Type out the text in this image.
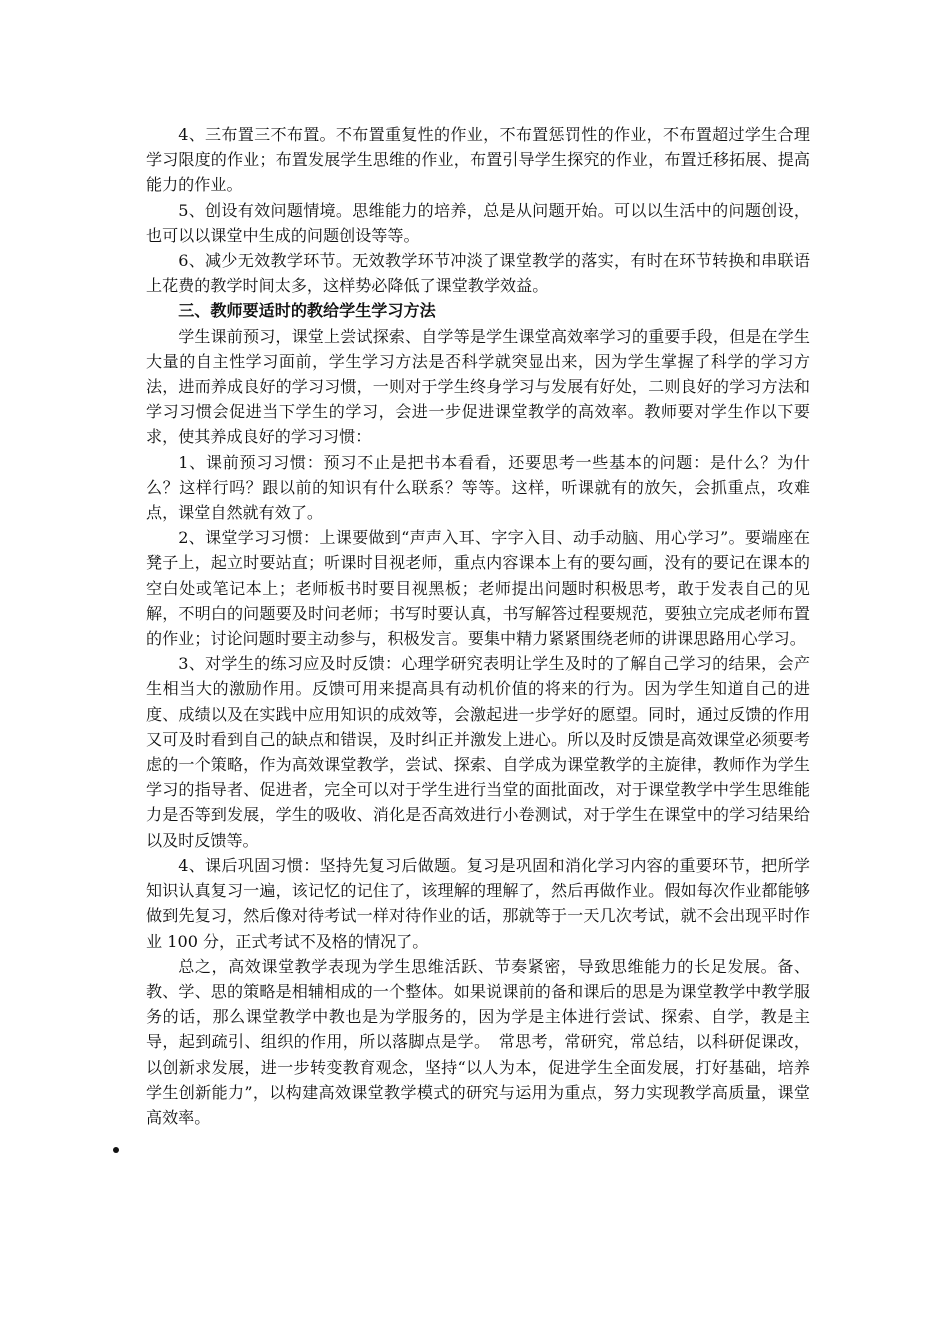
4、三布置三不布置。不布置重复性的作业，不布置惩罚性的作业，不布置超过学生合理学习限度的作业；布置发展学生思维的作业，布置引导学生探究的作业，布置迁移拓展、提高能力的作业。

5、创设有效问题情境。思维能力的培养，总是从问题开始。可以以生活中的问题创设，也可以以课堂中生成的问题创设等等。

6、减少无效教学环节。无效教学环节冲淡了课堂教学的落实，有时在环节转换和串联语上花费的教学时间太多，这样势必降低了课堂教学效益。

三、教师要适时的教给学生学习方法

学生课前预习，课堂上尝试探索、自学等是学生课堂高效率学习的重要手段，但是在学生大量的自主性学习面前，学生学习方法是否科学就突显出来，因为学生掌握了科学的学习方法，进而养成良好的学习习惯，一则对于学生终身学习与发展有好处，二则良好的学习方法和学习习惯会促进当下学生的学习，会进一步促进课堂教学的高效率。教师要对学生作以下要求，使其养成良好的学习习惯：

1、课前预习习惯：预习不止是把书本看看，还要思考一些基本的问题：是什么？为什么？这样行吗？跟以前的知识有什么联系？等等。这样，听课就有的放矢，会抓重点，攻难点，课堂自然就有效了。

2、课堂学习习惯：上课要做到“声声入耳、字字入目、动手动脑、用心学习”。要端座在凳子上，起立时要站直；听课时目视老师，重点内容课本上有的要勾画，没有的要记在课本的空白处或笔记本上；老师板书时要目视黑板；老师提出问题时积极思考，敢于发表自己的见解，不明白的问题要及时问老师；书写时要认真，书写解答过程要规范，要独立完成老师布置的作业；讨论问题时要主动参与，积极发言。要集中精力紧紧围绕老师的讲课思路用心学习。

3、对学生的练习应及时反馈：心理学研究表明让学生及时的了解自己学习的结果，会产生相当大的激励作用。反馈可用来提高具有动机价值的将来的行为。因为学生知道自己的进度、成绩以及在实践中应用知识的成效等，会激起进一步学好的愿望。同时，通过反馈的作用又可及时看到自己的缺点和错误，及时纠正并激发上进心。所以及时反馈是高效课堂必须要考虑的一个策略，作为高效课堂教学，尝试、探索、自学成为课堂教学的主旋律，教师作为学生学习的指导者、促进者，完全可以对于学生进行当堂的面批面改，对于课堂教学中学生思维能力是否等到发展，学生的吸收、消化是否高效进行小卷测试，对于学生在课堂中的学习结果给以及时反馈等。

4、课后巩固习惯：坚持先复习后做题。复习是巩固和消化学习内容的重要环节，把所学知识认真复习一遍，该记忆的记住了，该理解的理解了，然后再做作业。假如每次作业都能够做到先复习，然后像对待考试一样对待作业的话，那就等于一天几次考试，就不会出现平时作业 100 分，正式考试不及格的情况了。

总之，高效课堂教学表现为学生思维活跃、节奏紧密，导致思维能力的长足发展。备、教、学、思的策略是相辅相成的一个整体。如果说课前的备和课后的思是为课堂教学中教学服务的话，那么课堂教学中教也是为学服务的，因为学是主体进行尝试、探索、自学，教是主导，起到疏引、组织的作用，所以落脚点是学。　常思考，常研究，常总结，以科研促课改，以创新求发展，进一步转变教育观念，坚持“以人为本，促进学生全面发展，打好基础，培养学生创新能力”，以构建高效课堂教学模式的研究与运用为重点，努力实现教学高质量，课堂高效率。
